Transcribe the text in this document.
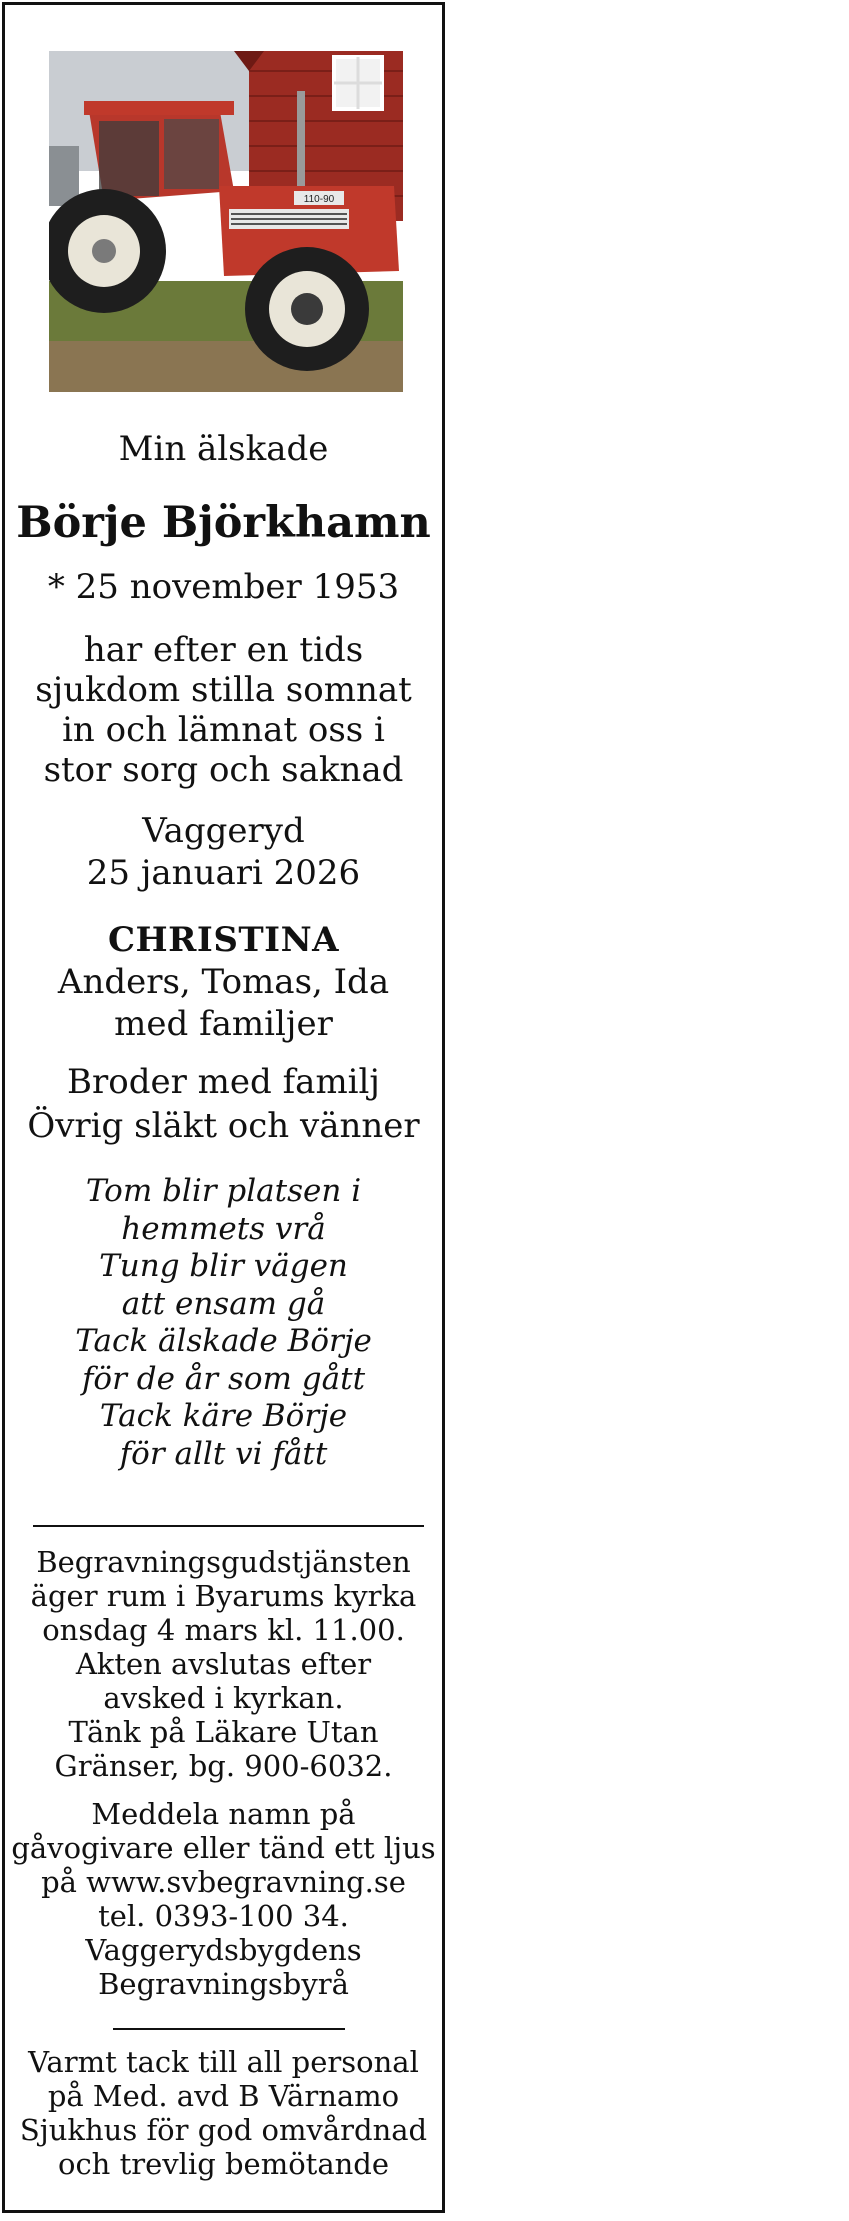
110-90
Min älskade
Börje Björkhamn
* 25 november 1953
har efter en tids
sjukdom stilla somnat
in och lämnat oss i
stor sorg och saknad
Vaggeryd
25 januari 2026
CHRISTINA
Anders, Tomas, Ida
med familjer
Broder med familj
Övrig släkt och vänner
Tom blir platsen i
hemmets vrå
Tung blir vägen
att ensam gå
Tack älskade Börje
för de år som gått
Tack käre Börje
för allt vi fått
Begravningsgudstjänsten
äger rum i Byarums kyrka
onsdag 4 mars kl. 11.00.
Akten avslutas efter
avsked i kyrkan.
Tänk på Läkare Utan
Gränser, bg. 900-6032.
Meddela namn på
gåvogivare eller tänd ett ljus
på www.svbegravning.se
tel. 0393-100 34.
Vaggerydsbygdens
Begravningsbyrå
Varmt tack till all personal
på Med. avd B Värnamo
Sjukhus för god omvårdnad
och trevlig bemötande
